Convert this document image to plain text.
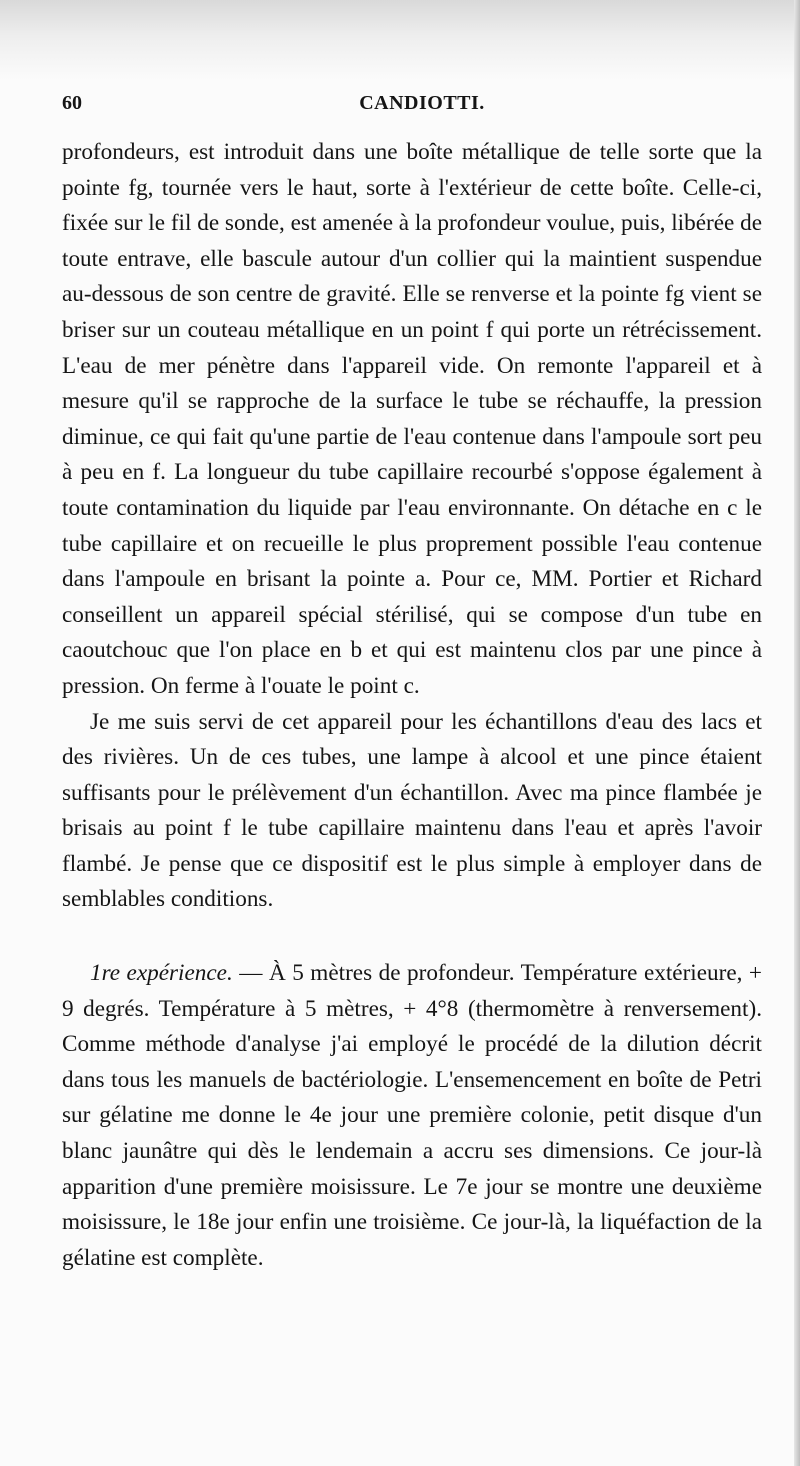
60	CANDIOTTI.

profondeurs, est introduit dans une boîte métallique de telle sorte que la pointe fg, tournée vers le haut, sorte à l'extérieur de cette boîte. Celle-ci, fixée sur le fil de sonde, est amenée à la profondeur voulue, puis, libérée de toute entrave, elle bascule autour d'un collier qui la maintient suspendue au-dessous de son centre de gravité. Elle se renverse et la pointe fg vient se briser sur un couteau métallique en un point f qui porte un rétrécissement. L'eau de mer pénètre dans l'appareil vide. On remonte l'appareil et à mesure qu'il se rapproche de la surface le tube se réchauffe, la pression diminue, ce qui fait qu'une partie de l'eau contenue dans l'ampoule sort peu à peu en f. La longueur du tube capillaire recourbé s'oppose également à toute contamination du liquide par l'eau environnante. On détache en c le tube capillaire et on recueille le plus proprement possible l'eau contenue dans l'ampoule en brisant la pointe a. Pour ce, MM. Portier et Richard conseillent un appareil spécial stérilisé, qui se compose d'un tube en caoutchouc que l'on place en b et qui est maintenu clos par une pince à pression. On ferme à l'ouate le point c.

Je me suis servi de cet appareil pour les échantillons d'eau des lacs et des rivières. Un de ces tubes, une lampe à alcool et une pince étaient suffisants pour le prélèvement d'un échantillon. Avec ma pince flambée je brisais au point f le tube capillaire maintenu dans l'eau et après l'avoir flambé. Je pense que ce dispositif est le plus simple à employer dans de semblables conditions.

1re expérience. — À 5 mètres de profondeur. Température extérieure, + 9 degrés. Température à 5 mètres, + 4°8 (thermomètre à renversement). Comme méthode d'analyse j'ai employé le procédé de la dilution décrit dans tous les manuels de bactériologie. L'ensemencement en boîte de Petri sur gélatine me donne le 4e jour une première colonie, petit disque d'un blanc jaunâtre qui dès le lendemain a accru ses dimensions. Ce jour-là apparition d'une première moisissure. Le 7e jour se montre une deuxième moisissure, le 18e jour enfin une troisième. Ce jour-là, la liquéfaction de la gélatine est complète.
